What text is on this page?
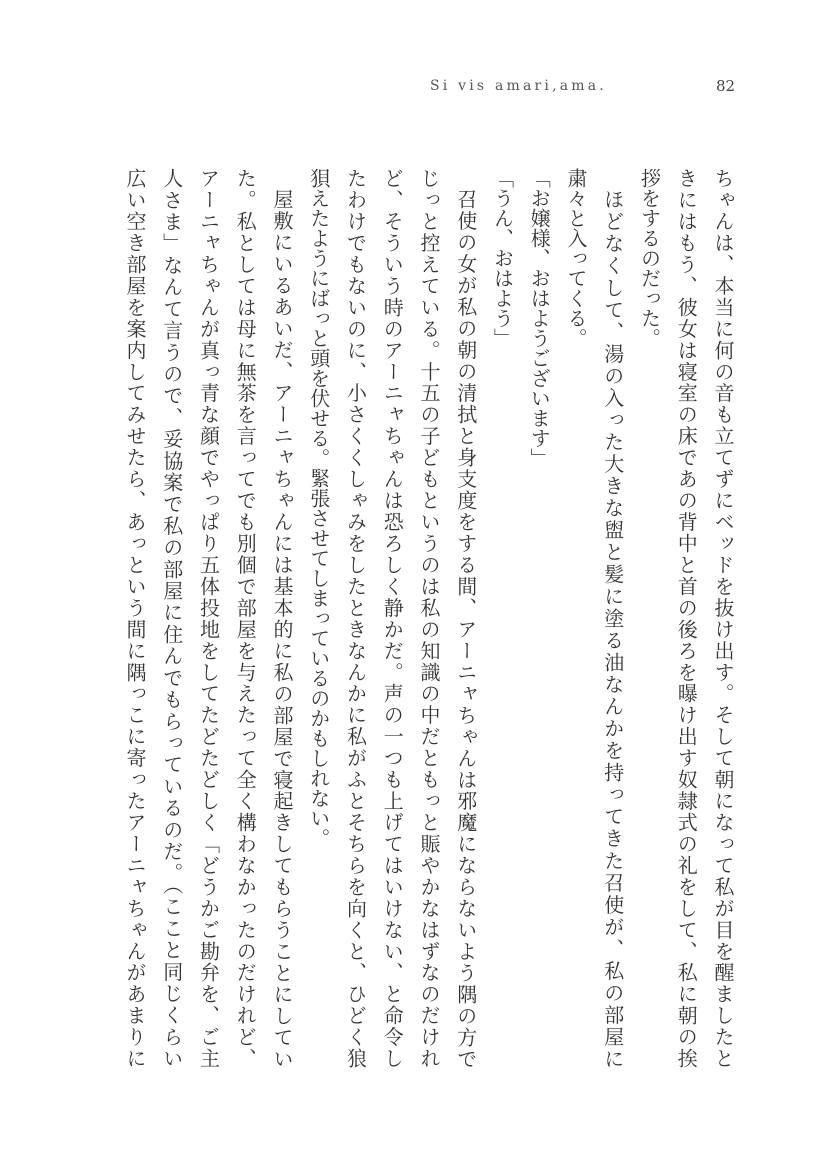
Si vis amari,ama.	82
ちゃんは、本当に何の音も立てずにベッドを抜け出す。そして朝になって私が目を醒ましたと
きにはもう、彼女は寝室の床であの背中と首の後ろを曝け出す奴隷式の礼をして、私に朝の挨
拶をするのだった。
ほどなくして、湯の入った大きな盥と髪に塗る油なんかを持ってきた召使が、私の部屋に
粛々と入ってくる。
「お嬢様、おはようございます」
「うん、おはよう」
召使の女が私の朝の清拭と身支度をする間、アーニャちゃんは邪魔にならないよう隅の方で
じっと控えている。十五の子どもというのは私の知識の中だともっと賑やかなはずなのだけれ
ど、そういう時のアーニャちゃんは恐ろしく静かだ。声の一つも上げてはいけない、と命令し
たわけでもないのに、小さくくしゃみをしたときなんかに私がふとそちらを向くと、ひどく狼
狽えたようにばっと頭を伏せる。緊張させてしまっているのかもしれない。
屋敷にいるあいだ、アーニャちゃんには基本的に私の部屋で寝起きしてもらうことにしてい
た。私としては母に無茶を言ってでも別個で部屋を与えたって全く構わなかったのだけれど、
アーニャちゃんが真っ青な顔でやっぱり五体投地をしてたどたどしく「どうかご勘弁を、ご主
人さま」なんて言うので、妥協案で私の部屋に住んでもらっているのだ。（ここと同じくらい
広い空き部屋を案内してみせたら、あっという間に隅っこに寄ったアーニャちゃんがあまりに
